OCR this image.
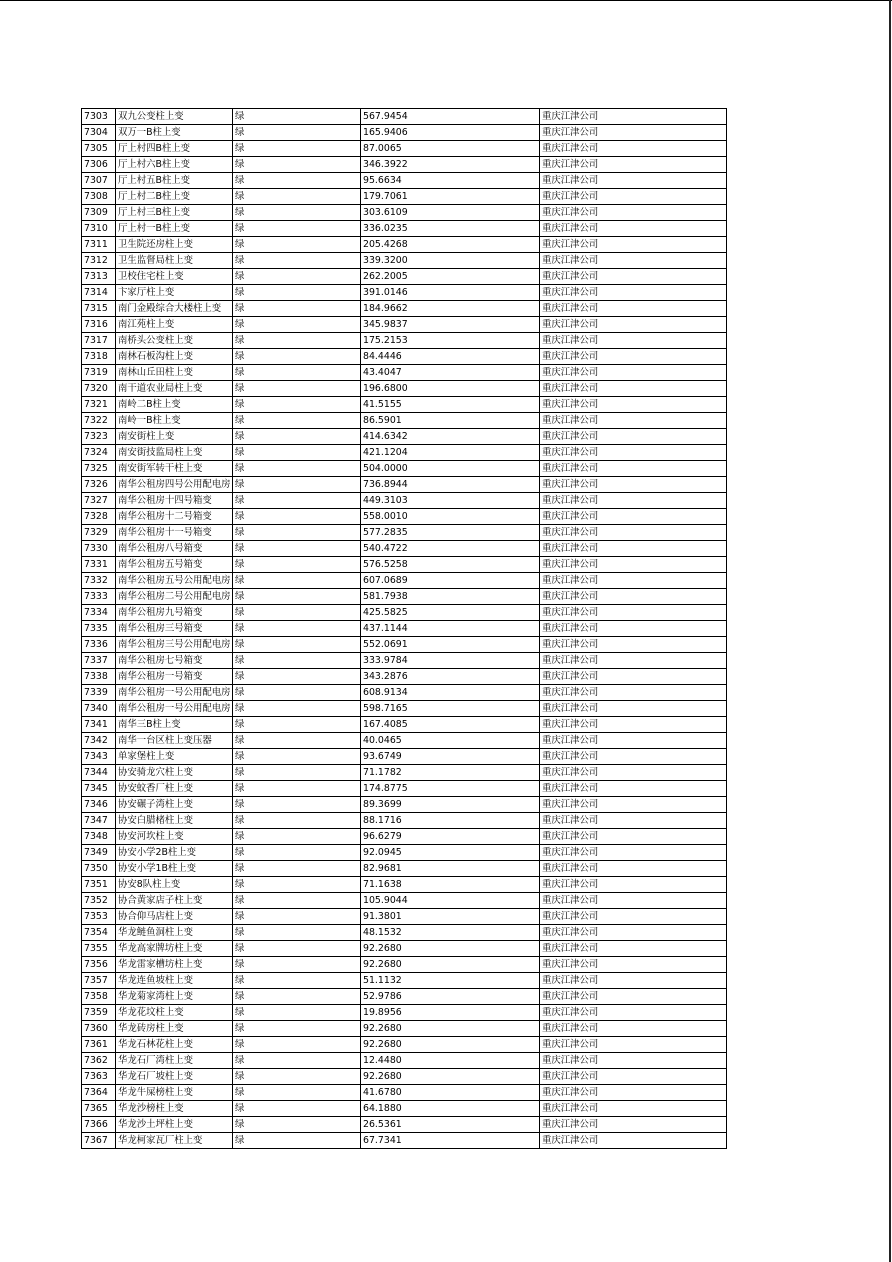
7303	双九公变柱上变	绿	567.9454	重庆江津公司
7304	双万一B柱上变	绿	165.9406	重庆江津公司
7305	厅上村四B柱上变	绿	87.0065	重庆江津公司
7306	厅上村六B柱上变	绿	346.3922	重庆江津公司
7307	厅上村五B柱上变	绿	95.6634	重庆江津公司
7308	厅上村二B柱上变	绿	179.7061	重庆江津公司
7309	厅上村三B柱上变	绿	303.6109	重庆江津公司
7310	厅上村一B柱上变	绿	336.0235	重庆江津公司
7311	卫生院还房柱上变	绿	205.4268	重庆江津公司
7312	卫生监督局柱上变	绿	339.3200	重庆江津公司
7313	卫校住宅柱上变	绿	262.2005	重庆江津公司
7314	卞家厅柱上变	绿	391.0146	重庆江津公司
7315	南门金殿综合大楼柱上变	绿	184.9662	重庆江津公司
7316	南江苑柱上变	绿	345.9837	重庆江津公司
7317	南桥头公变柱上变	绿	175.2153	重庆江津公司
7318	南林石板沟柱上变	绿	84.4446	重庆江津公司
7319	南林山丘田柱上变	绿	43.4047	重庆江津公司
7320	南干道农业局柱上变	绿	196.6800	重庆江津公司
7321	南岭二B柱上变	绿	41.5155	重庆江津公司
7322	南岭一B柱上变	绿	86.5901	重庆江津公司
7323	南安街柱上变	绿	414.6342	重庆江津公司
7324	南安街技监局柱上变	绿	421.1204	重庆江津公司
7325	南安街军转干柱上变	绿	504.0000	重庆江津公司
7326	南华公租房四号公用配电房	绿	736.8944	重庆江津公司
7327	南华公租房十四号箱变	绿	449.3103	重庆江津公司
7328	南华公租房十二号箱变	绿	558.0010	重庆江津公司
7329	南华公租房十一号箱变	绿	577.2835	重庆江津公司
7330	南华公租房八号箱变	绿	540.4722	重庆江津公司
7331	南华公租房五号箱变	绿	576.5258	重庆江津公司
7332	南华公租房五号公用配电房	绿	607.0689	重庆江津公司
7333	南华公租房二号公用配电房	绿	581.7938	重庆江津公司
7334	南华公租房九号箱变	绿	425.5825	重庆江津公司
7335	南华公租房三号箱变	绿	437.1144	重庆江津公司
7336	南华公租房三号公用配电房	绿	552.0691	重庆江津公司
7337	南华公租房七号箱变	绿	333.9784	重庆江津公司
7338	南华公租房一号箱变	绿	343.2876	重庆江津公司
7339	南华公租房一号公用配电房	绿	608.9134	重庆江津公司
7340	南华公租房一号公用配电房	绿	598.7165	重庆江津公司
7341	南华三B柱上变	绿	167.4085	重庆江津公司
7342	南华一台区柱上变压器	绿	40.0465	重庆江津公司
7343	单家堡柱上变	绿	93.6749	重庆江津公司
7344	协安骑龙穴柱上变	绿	71.1782	重庆江津公司
7345	协安蚊香厂柱上变	绿	174.8775	重庆江津公司
7346	协安碾子湾柱上变	绿	89.3699	重庆江津公司
7347	协安白腊楮柱上变	绿	88.1716	重庆江津公司
7348	协安河坎柱上变	绿	96.6279	重庆江津公司
7349	协安小学2B柱上变	绿	92.0945	重庆江津公司
7350	协安小学1B柱上变	绿	82.9681	重庆江津公司
7351	协安8队柱上变	绿	71.1638	重庆江津公司
7352	协合黄家店子柱上变	绿	105.9044	重庆江津公司
7353	协合仰马店柱上变	绿	91.3801	重庆江津公司
7354	华龙鲢鱼洞柱上变	绿	48.1532	重庆江津公司
7355	华龙高家牌坊柱上变	绿	92.2680	重庆江津公司
7356	华龙雷家槽坊柱上变	绿	92.2680	重庆江津公司
7357	华龙连鱼坡柱上变	绿	51.1132	重庆江津公司
7358	华龙菊家湾柱上变	绿	52.9786	重庆江津公司
7359	华龙花坟柱上变	绿	19.8956	重庆江津公司
7360	华龙砖房柱上变	绿	92.2680	重庆江津公司
7361	华龙石林花柱上变	绿	92.2680	重庆江津公司
7362	华龙石厂湾柱上变	绿	12.4480	重庆江津公司
7363	华龙石厂坡柱上变	绿	92.2680	重庆江津公司
7364	华龙牛屎榜柱上变	绿	41.6780	重庆江津公司
7365	华龙沙榜柱上变	绿	64.1880	重庆江津公司
7366	华龙沙土坪柱上变	绿	26.5361	重庆江津公司
7367	华龙柯家瓦厂柱上变	绿	67.7341	重庆江津公司
